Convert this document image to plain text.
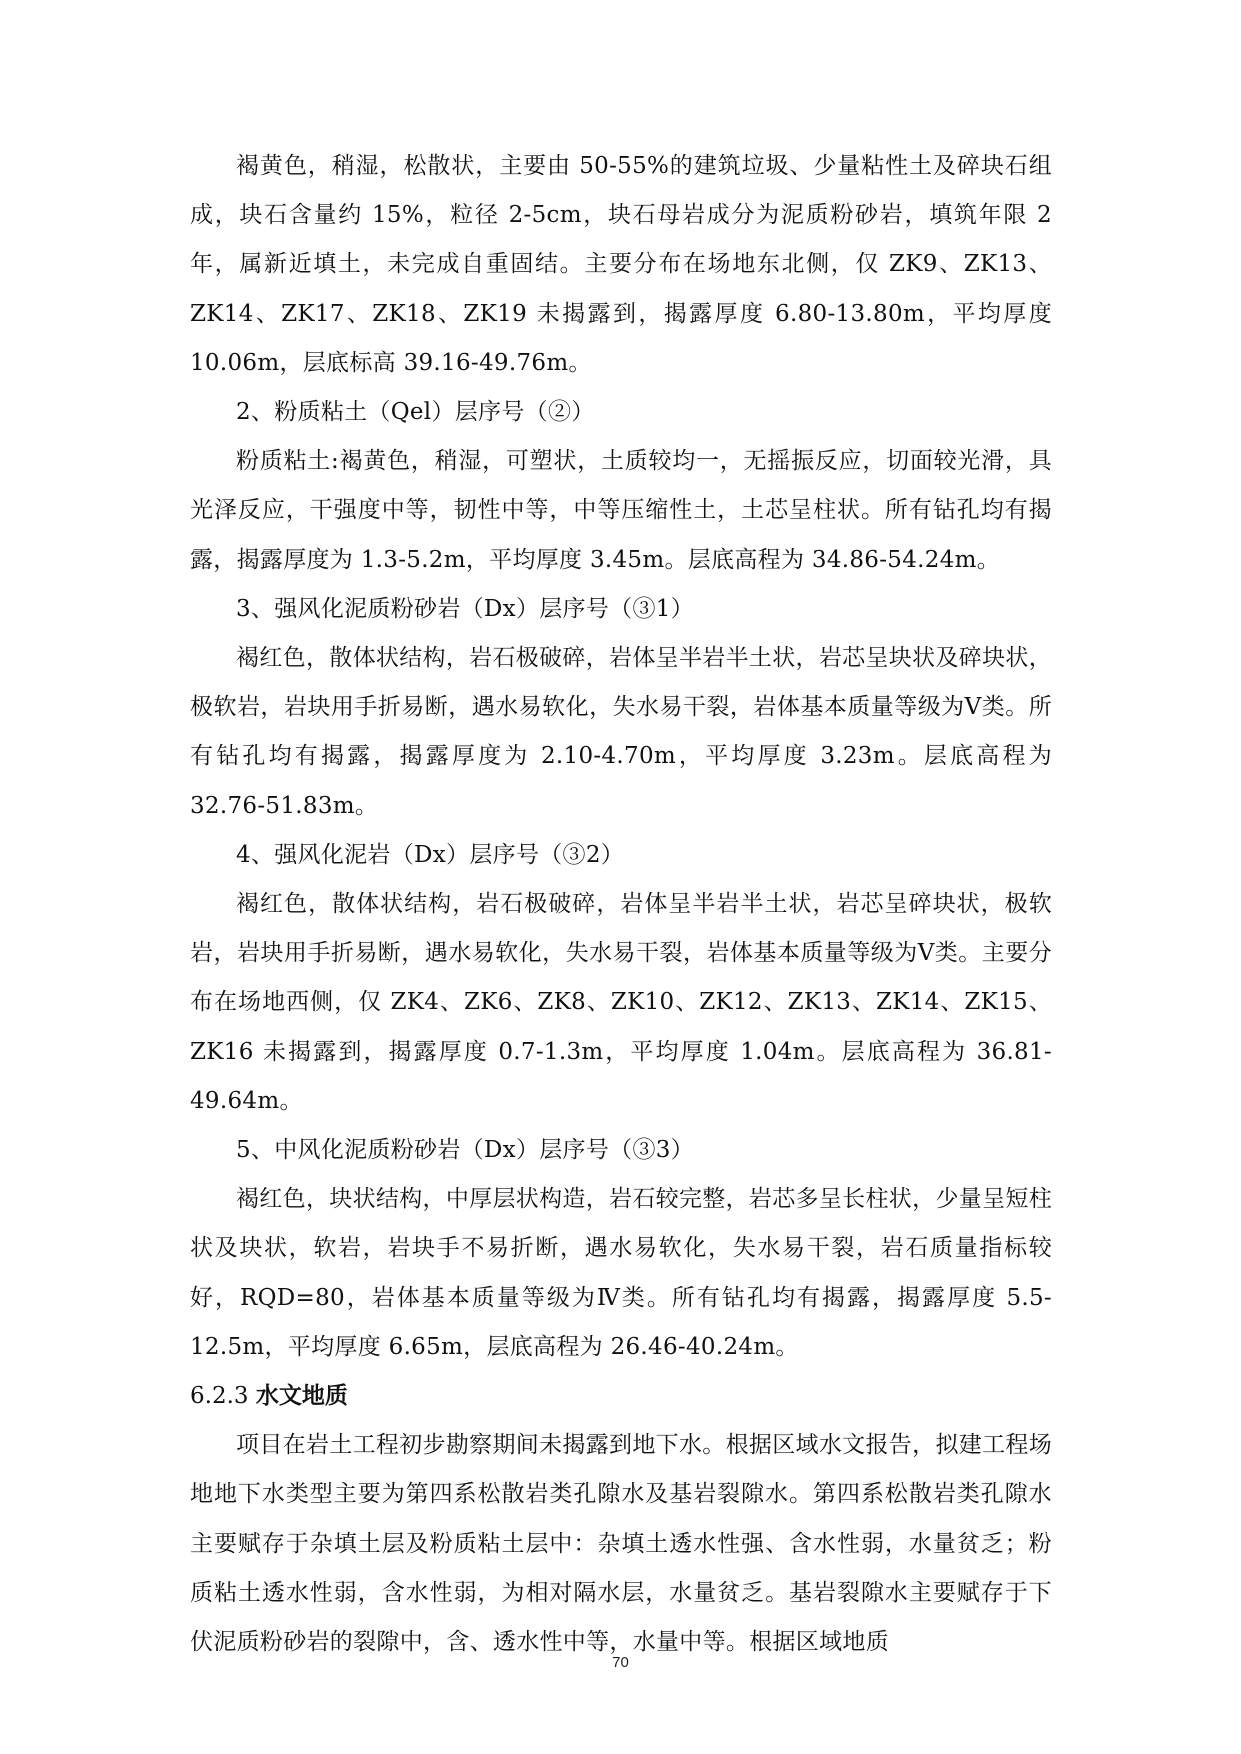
褐黄色，稍湿，松散状，主要由 50-55%的建筑垃圾、少量粘性土及碎块石组成，块石含量约 15%，粒径 2-5cm，块石母岩成分为泥质粉砂岩，填筑年限 2 年，属新近填土，未完成自重固结。主要分布在场地东北侧，仅 ZK9、ZK13、ZK14、ZK17、ZK18、ZK19 未揭露到，揭露厚度 6.80-13.80m，平均厚度 10.06m，层底标高 39.16-49.76m。

2、粉质粘土（Qel）层序号（②）

粉质粘土:褐黄色，稍湿，可塑状，土质较均一，无摇振反应，切面较光滑，具光泽反应，干强度中等，韧性中等，中等压缩性土，土芯呈柱状。所有钻孔均有揭露，揭露厚度为 1.3-5.2m，平均厚度 3.45m。层底高程为 34.86-54.24m。

3、强风化泥质粉砂岩（Dx）层序号（③1）

褐红色，散体状结构，岩石极破碎，岩体呈半岩半土状，岩芯呈块状及碎块状，极软岩，岩块用手折易断，遇水易软化，失水易干裂，岩体基本质量等级为Ⅴ类。所有钻孔均有揭露，揭露厚度为 2.10-4.70m，平均厚度 3.23m。层底高程为 32.76-51.83m。

4、强风化泥岩（Dx）层序号（③2）

褐红色，散体状结构，岩石极破碎，岩体呈半岩半土状，岩芯呈碎块状，极软岩，岩块用手折易断，遇水易软化，失水易干裂，岩体基本质量等级为Ⅴ类。主要分布在场地西侧，仅 ZK4、ZK6、ZK8、ZK10、ZK12、ZK13、ZK14、ZK15、ZK16 未揭露到，揭露厚度 0.7-1.3m，平均厚度 1.04m。层底高程为 36.81-49.64m。

5、中风化泥质粉砂岩（Dx）层序号（③3）

褐红色，块状结构，中厚层状构造，岩石较完整，岩芯多呈长柱状，少量呈短柱状及块状，软岩，岩块手不易折断，遇水易软化，失水易干裂，岩石质量指标较好，RQD=80，岩体基本质量等级为Ⅳ类。所有钻孔均有揭露，揭露厚度 5.5-12.5m，平均厚度 6.65m，层底高程为 26.46-40.24m。

6.2.3 水文地质

项目在岩土工程初步勘察期间未揭露到地下水。根据区域水文报告，拟建工程场地地下水类型主要为第四系松散岩类孔隙水及基岩裂隙水。第四系松散岩类孔隙水主要赋存于杂填土层及粉质粘土层中：杂填土透水性强、含水性弱，水量贫乏；粉质粘土透水性弱，含水性弱，为相对隔水层，水量贫乏。基岩裂隙水主要赋存于下伏泥质粉砂岩的裂隙中，含、透水性中等，水量中等。根据区域地质

70
